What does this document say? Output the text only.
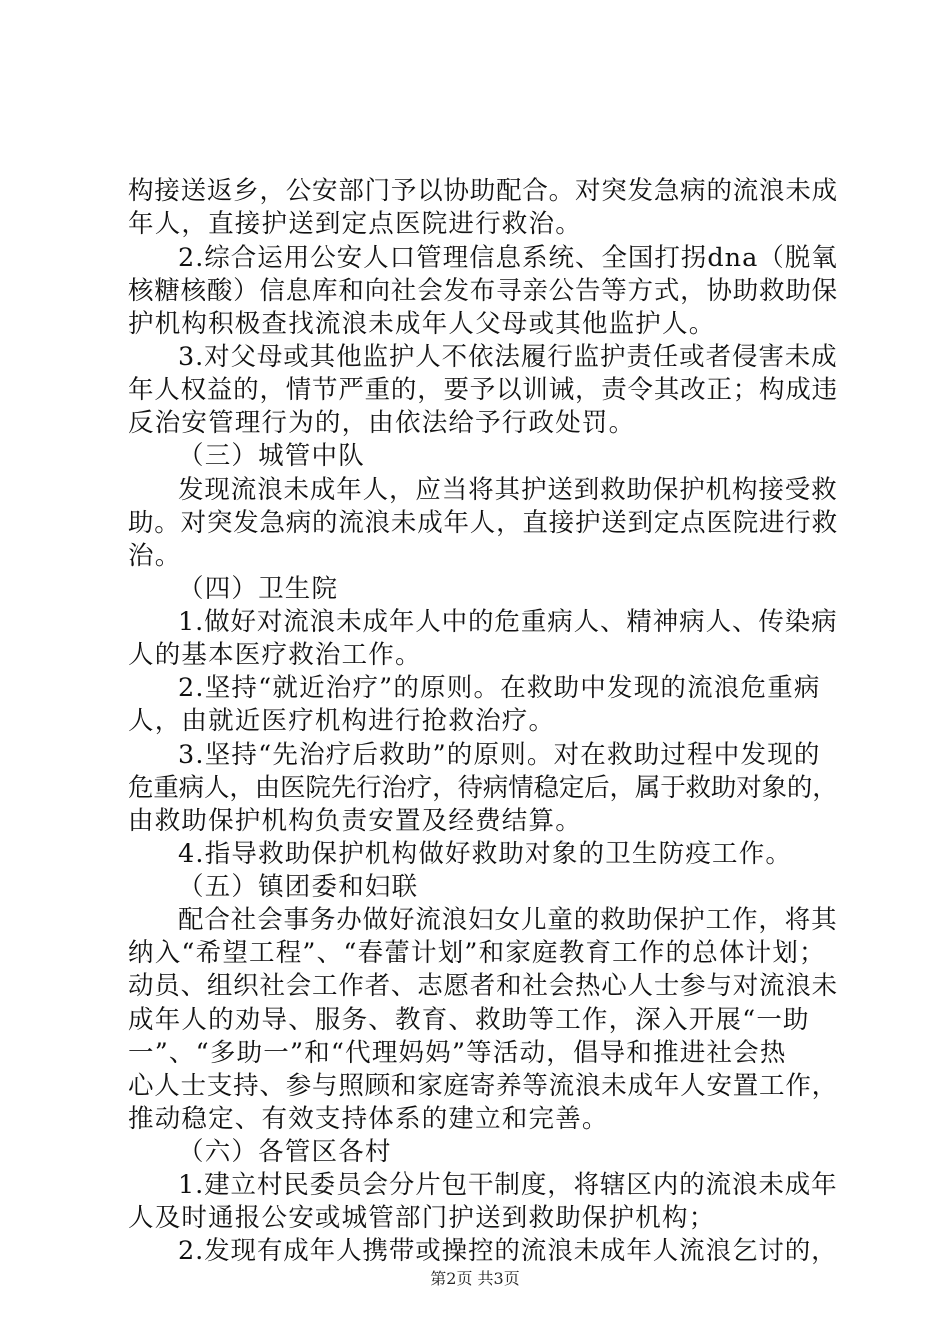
构接送返乡，公安部门予以协助配合。对突发急病的流浪未成
年人，直接护送到定点医院进行救治。
2.综合运用公安人口管理信息系统、全国打拐dna（脱氧
核糖核酸）信息库和向社会发布寻亲公告等方式，协助救助保
护机构积极查找流浪未成年人父母或其他监护人。
3.对父母或其他监护人不依法履行监护责任或者侵害未成
年人权益的，情节严重的，要予以训诫，责令其改正；构成违
反治安管理行为的，由依法给予行政处罚。
（三）城管中队
发现流浪未成年人，应当将其护送到救助保护机构接受救
助。对突发急病的流浪未成年人，直接护送到定点医院进行救
治。
（四）卫生院
1.做好对流浪未成年人中的危重病人、精神病人、传染病
人的基本医疗救治工作。
2.坚持“就近治疗”的原则。在救助中发现的流浪危重病
人，由就近医疗机构进行抢救治疗。
3.坚持“先治疗后救助”的原则。对在救助过程中发现的
危重病人，由医院先行治疗，待病情稳定后，属于救助对象的，
由救助保护机构负责安置及经费结算。
4.指导救助保护机构做好救助对象的卫生防疫工作。
（五）镇团委和妇联
配合社会事务办做好流浪妇女儿童的救助保护工作，将其
纳入“希望工程”、“春蕾计划”和家庭教育工作的总体计划；
动员、组织社会工作者、志愿者和社会热心人士参与对流浪未
成年人的劝导、服务、教育、救助等工作，深入开展“一助
一”、“多助一”和“代理妈妈”等活动，倡导和推进社会热
心人士支持、参与照顾和家庭寄养等流浪未成年人安置工作，
推动稳定、有效支持体系的建立和完善。
（六）各管区各村
1.建立村民委员会分片包干制度，将辖区内的流浪未成年
人及时通报公安或城管部门护送到救助保护机构；
2.发现有成年人携带或操控的流浪未成年人流浪乞讨的，
第2页 共3页
